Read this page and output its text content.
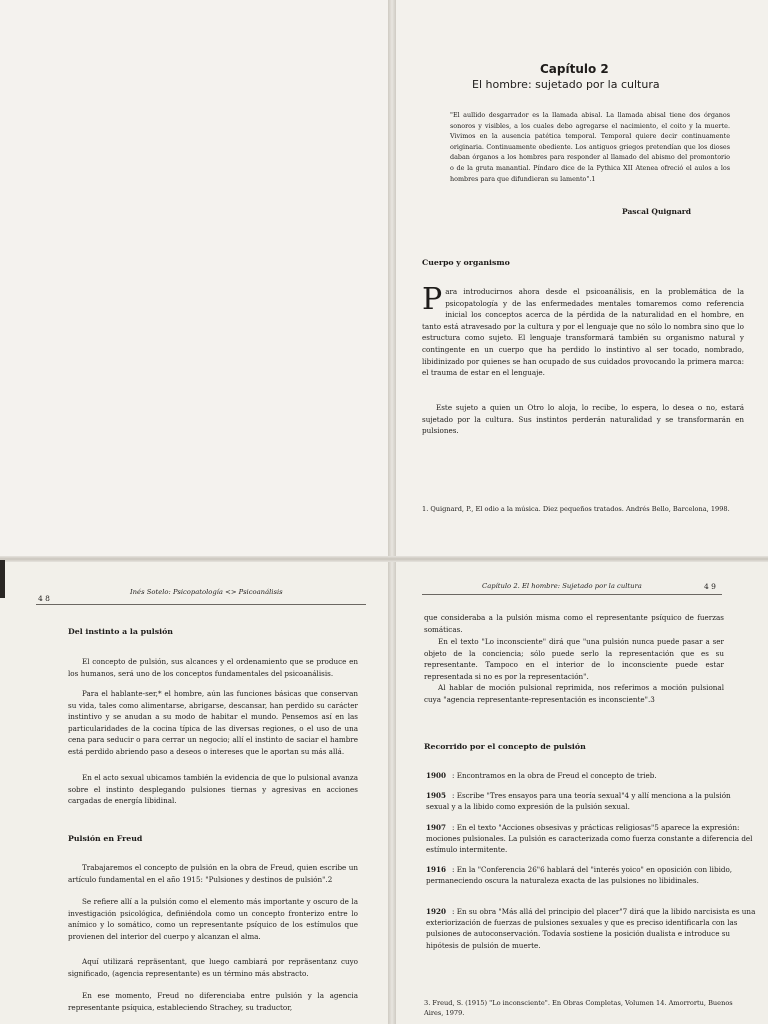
Capítulo 2
El hombre: sujetado por la cultura
"El aullido desgarrador es la llamada abisal. La llamada abisal tiene dos órganos sonoros y visibles, a los cuales debo agregarse el nacimiento, el coito y la muerte. Vivimos en la ausencia patética temporal. Temporal quiere decir continuamente originaria. Continuamente obediente. Los antiguos griegos pretendían que los dioses daban órganos a los hombres para responder al llamado del abismo del promontorio o de la gruta manantial. Píndaro dice de la Pythica XII Atenea ofreció el aulos a los hombres para que difundieran su lamento".1
Pascal Quignard
Cuerpo y organismo
Para introducirnos ahora desde el psicoanálisis, en la problemática de la psicopatología y de las enfermedades mentales tomaremos como referencia inicial los conceptos acerca de la pérdida de la naturalidad en el hombre, en tanto está atravesado por la cultura y por el lenguaje que no sólo lo nombra sino que lo estructura como sujeto. El lenguaje transformará también su organismo natural y contingente en un cuerpo que ha perdido lo instintivo al ser tocado, nombrado, libidinizado por quienes se han ocupado de sus cuidados provocando la primera marca: el trauma de estar en el lenguaje.
Este sujeto a quien un Otro lo aloja, lo recibe, lo espera, lo desea o no, estará sujetado por la cultura. Sus instintos perderán naturalidad y se transformarán en pulsiones.
1. Quignard, P., El odio a la música. Diez pequeños tratados. Andrés Bello, Barcelona, 1998.
4 8
Inés Sotelo: Psicopatología <> Psicoanálisis
Del instinto a la pulsión
El concepto de pulsión, sus alcances y el ordenamiento que se produce en los humanos, será uno de los conceptos fundamentales del psicoanálisis.
Para el hablante-ser,* el hombre, aún las funciones básicas que conservan su vida, tales como alimentarse, abrigarse, descansar, han perdido su carácter instintivo y se anudan a su modo de habitar el mundo. Pensemos así en las particularidades de la cocina típica de las diversas regiones, o el uso de una cena para seducir o para cerrar un negocio; allí el instinto de saciar el hambre está perdido abriendo paso a deseos o intereses que le aportan su más allá.
En el acto sexual ubicamos también la evidencia de que lo pulsional avanza sobre el instinto desplegando pulsiones tiernas y agresivas en acciones cargadas de energía libidinal.
Pulsión en Freud
Trabajaremos el concepto de pulsión en la obra de Freud, quien escribe un artículo fundamental en el año 1915: "Pulsiones y destinos de pulsión".2
Se refiere allí a la pulsión como el elemento más importante y oscuro de la investigación psicológica, definiéndola como un concepto fronterizo entre lo anímico y lo somático, como un representante psíquico de los estímulos que provienen del interior del cuerpo y alcanzan el alma.
Aquí utilizará repräsentant, que luego cambiará por repräsentanz cuyo significado, (agencia representante) es un término más abstracto.
En ese momento, Freud no diferenciaba entre pulsión y la agencia representante psíquica, estableciendo Strachey, su traductor,
Capítulo 2. El hombre: Sujetado por la cultura	4 9
que consideraba a la pulsión misma como el representante psíquico de fuerzas somáticas.
En el texto "Lo inconsciente" dirá que "una pulsión nunca puede pasar a ser objeto de la conciencia; sólo puede serlo la representación que es su representante. Tampoco en el interior de lo inconsciente puede estar representada si no es por la representación".
Al hablar de moción pulsional reprimida, nos referimos a moción pulsional cuya "agencia representante-representación es inconsciente".3
Recorrido por el concepto de pulsión
1900 : Encontramos en la obra de Freud el concepto de trieb.
1905 : Escribe "Tres ensayos para una teoría sexual"4 y allí menciona a la pulsión sexual y a la libido como expresión de la pulsión sexual.
1907 : En el texto "Acciones obsesivas y prácticas religiosas"5 aparece la expresión: mociones pulsionales. La pulsión es caracterizada como fuerza constante a diferencia del estímulo intermitente.
1916 : En la "Conferencia 26"6 hablará del "interés yoico" en oposición con libido, permaneciendo oscura la naturaleza exacta de las pulsiones no libidinales.
1920 : En su obra "Más allá del principio del placer"7 dirá que la libido narcisista es una exteriorización de fuerzas de pulsiones sexuales y que es preciso identificarla con las pulsiones de autoconservación. Todavía sostiene la posición dualista e introduce su hipótesis de pulsión de muerte.
3. Freud, S. (1915) "Lo inconsciente". En Obras Completas, Volumen 14. Amorrortu, Buenos Aires, 1979.
